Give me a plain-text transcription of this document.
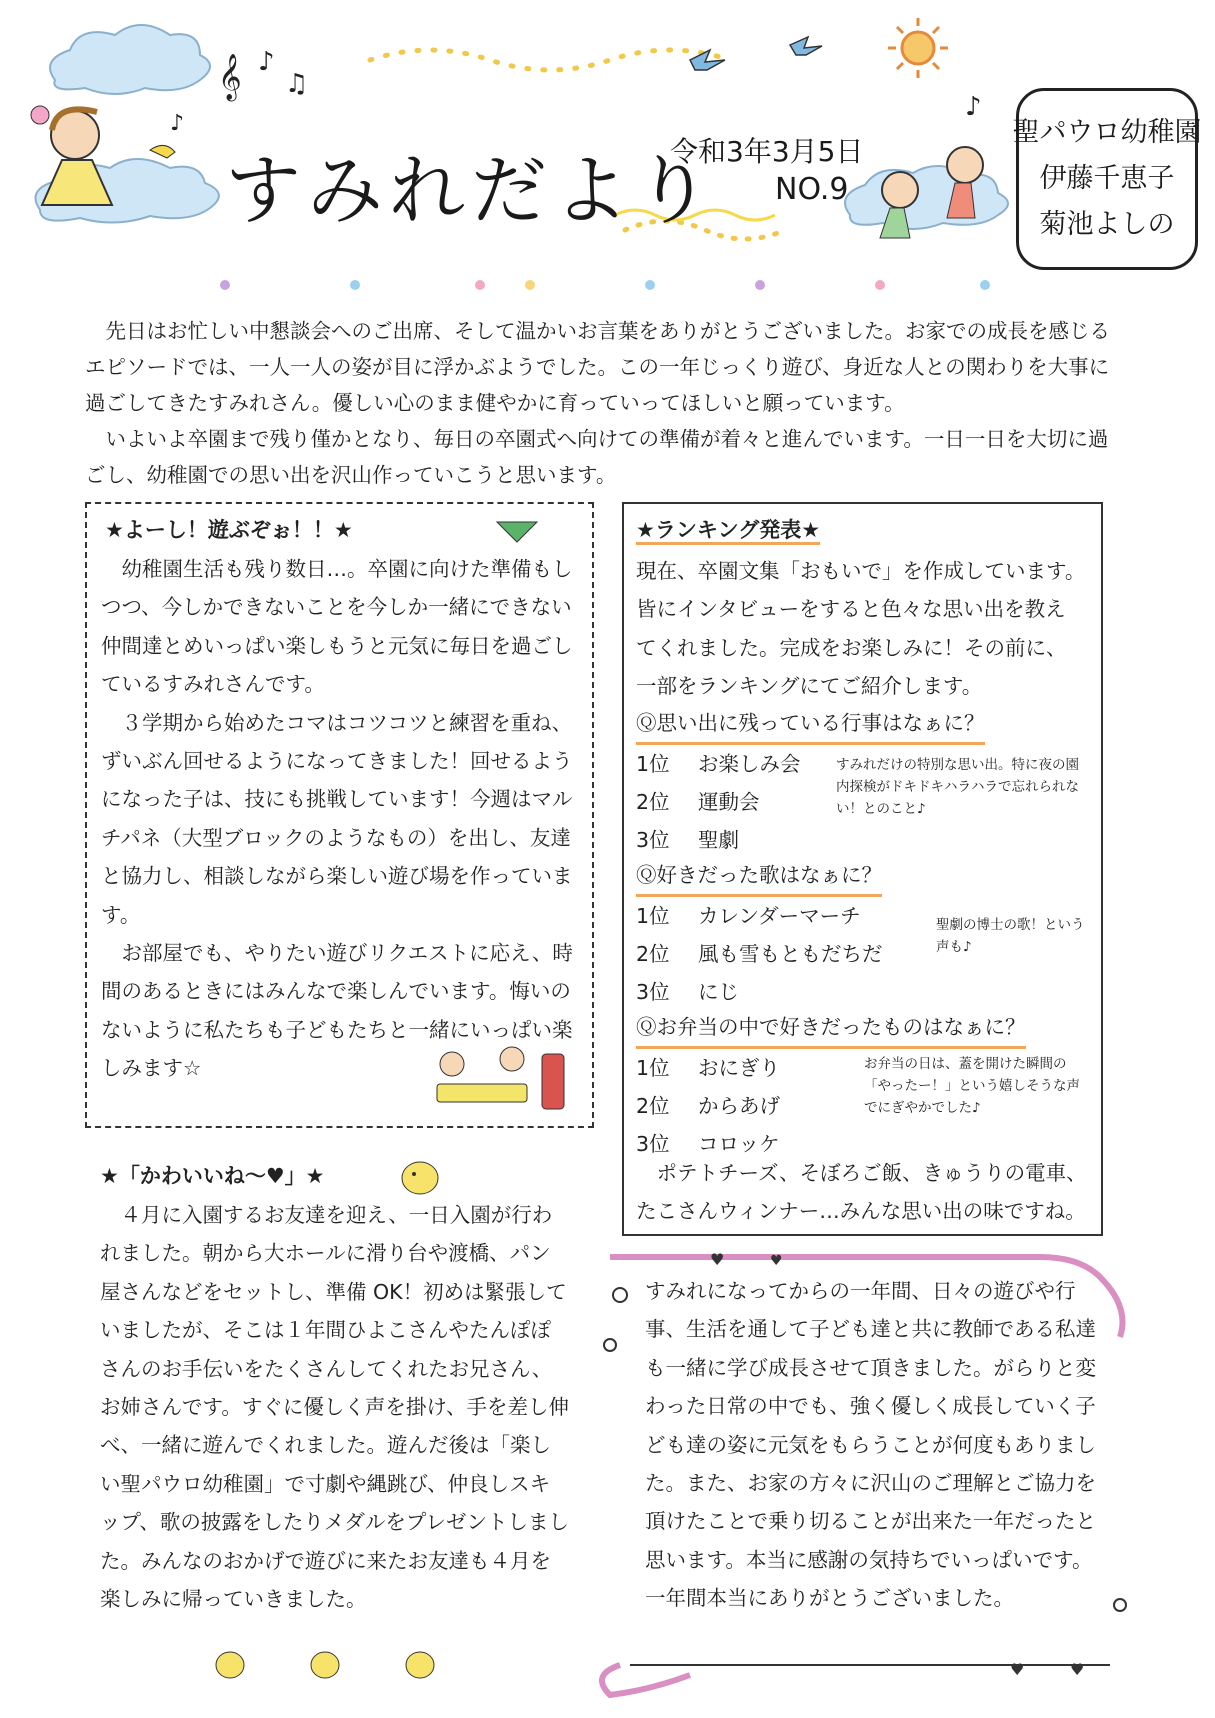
𝄞 ♪
♫
♪
♪
すみれだより
令和3年3月5日
NO.9
聖パウロ幼稚園
伊藤千恵子
菊池よしの

先日はお忙しい中懇談会へのご出席、そして温かいお言葉をありがとうございました。お家での成長を感じるエピソードでは、一人一人の姿が目に浮かぶようでした。この一年じっくり遊び、身近な人との関わりを大事に過ごしてきたすみれさん。優しい心のまま健やかに育っていってほしいと願っています。

いよいよ卒園まで残り僅かとなり、毎日の卒園式へ向けての準備が着々と進んでいます。一日一日を大切に過ごし、幼稚園での思い出を沢山作っていこうと思います。

★よーし！遊ぶぞぉ！！★

幼稚園生活も残り数日…。卒園に向けた準備もしつつ、今しかできないことを今しか一緒にできない仲間達とめいっぱい楽しもうと元気に毎日を過ごしているすみれさんです。

３学期から始めたコマはコツコツと練習を重ね、ずいぶん回せるようになってきました！回せるようになった子は、技にも挑戦しています！今週はマルチパネ（大型ブロックのようなもの）を出し、友達と協力し、相談しながら楽しい遊び場を作っています。

お部屋でも、やりたい遊びリクエストに応え、時間のあるときにはみんなで楽しんでいます。悔いのないように私たちも子どもたちと一緒にいっぱい楽しみます☆

★ランキング発表★
現在、卒園文集「おもいで」を作成しています。皆にインタビューをすると色々な思い出を教えてくれました。完成をお楽しみに！その前に、一部をランキングにてご紹介します。
Ⓠ思い出に残っている行事はなぁに？
1位 お楽しみ会
2位 運動会
3位 聖劇
すみれだけの特別な思い出。特に夜の園内探検がドキドキハラハラで忘れられない！とのこと♪
Ⓠ好きだった歌はなぁに？
1位 カレンダーマーチ
2位 風も雪もともだちだ
3位 にじ
聖劇の博士の歌！という声も♪
Ⓠお弁当の中で好きだったものはなぁに？
1位 おにぎり
2位 からあげ
3位 コロッケ
お弁当の日は、蓋を開けた瞬間の「やったー！」という嬉しそうな声でにぎやかでした♪
ポテトチーズ、そぼろご飯、きゅうりの電車、たこさんウィンナー…みんな思い出の味ですね。
★「かわいいね〜♥」★
４月に入園するお友達を迎え、一日入園が行われました。朝から大ホールに滑り台や渡橋、パン屋さんなどをセットし、準備 OK！初めは緊張していましたが、そこは１年間ひよこさんやたんぽぽさんのお手伝いをたくさんしてくれたお兄さん、お姉さんです。すぐに優しく声を掛け、手を差し伸べ、一緒に遊んでくれました。遊んだ後は「楽しい聖パウロ幼稚園」で寸劇や縄跳び、仲良しスキップ、歌の披露をしたりメダルをプレゼントしました。みんなのおかげで遊びに来たお友達も４月を楽しみに帰っていきました。
♥	♥
♥	♥
すみれになってからの一年間、日々の遊びや行事、生活を通して子ども達と共に教師である私達も一緒に学び成長させて頂きました。がらりと変わった日常の中でも、強く優しく成長していく子ども達の姿に元気をもらうことが何度もありました。また、お家の方々に沢山のご理解とご協力を頂けたことで乗り切ることが出来た一年だったと思います。本当に感謝の気持ちでいっぱいです。一年間本当にありがとうございました。
